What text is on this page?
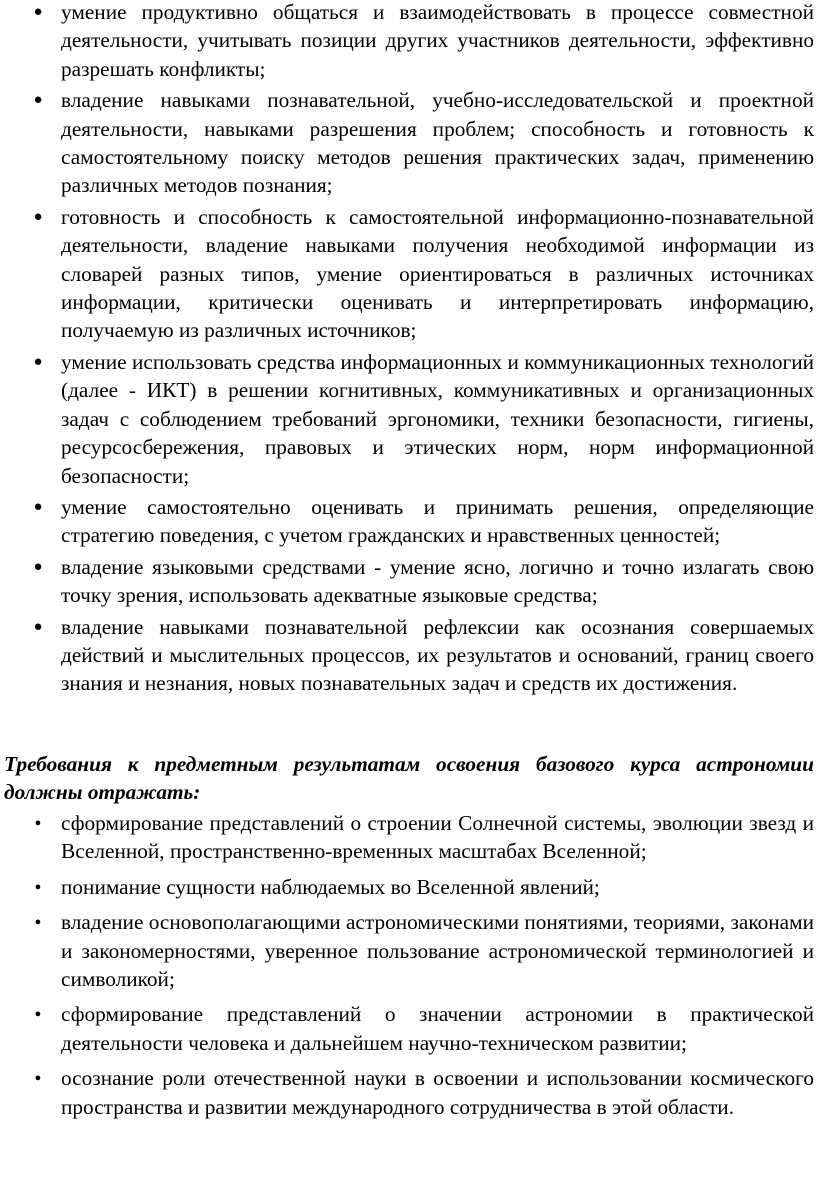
● умение продуктивно общаться и взаимодействовать в процессе совместной деятельности, учитывать позиции других участников деятельности, эффективно разрешать конфликты;
● владение навыками познавательной, учебно-исследовательской и проектной деятельности, навыками разрешения проблем; способность и готовность к самостоятельному поиску методов решения практических задач, применению различных методов познания;
● готовность и способность к самостоятельной информационно-познавательной деятельности, владение навыками получения необходимой информации из словарей разных типов, умение ориентироваться в различных источниках информации, критически оценивать и интерпретировать информацию, получаемую из различных источников;
● умение использовать средства информационных и коммуникационных технологий (далее - ИКТ) в решении когнитивных, коммуникативных и организационных задач с соблюдением требований эргономики, техники безопасности, гигиены, ресурсосбережения, правовых и этических норм, норм информационной безопасности;
● умение самостоятельно оценивать и принимать решения, определяющие стратегию поведения, с учетом гражданских и нравственных ценностей;
● владение языковыми средствами - умение ясно, логично и точно излагать свою точку зрения, использовать адекватные языковые средства;
● владение навыками познавательной рефлексии как осознания совершаемых действий и мыслительных процессов, их результатов и оснований, границ своего знания и незнания, новых познавательных задач и средств их достижения.

Требования к предметным результатам освоения базового курса астрономии должны отражать:

● сформирование представлений о строении Солнечной системы, эволюции звезд и Вселенной, пространственно-временных масштабах Вселенной;
● понимание сущности наблюдаемых во Вселенной явлений;
● владение основополагающими астрономическими понятиями, теориями, законами и закономерностями, уверенное пользование астрономической терминологией и символикой;
● сформирование представлений о значении астрономии в практической деятельности человека и дальнейшем научно-техническом развитии;
● осознание роли отечественной науки в освоении и использовании космического пространства и развитии международного сотрудничества в этой области.
